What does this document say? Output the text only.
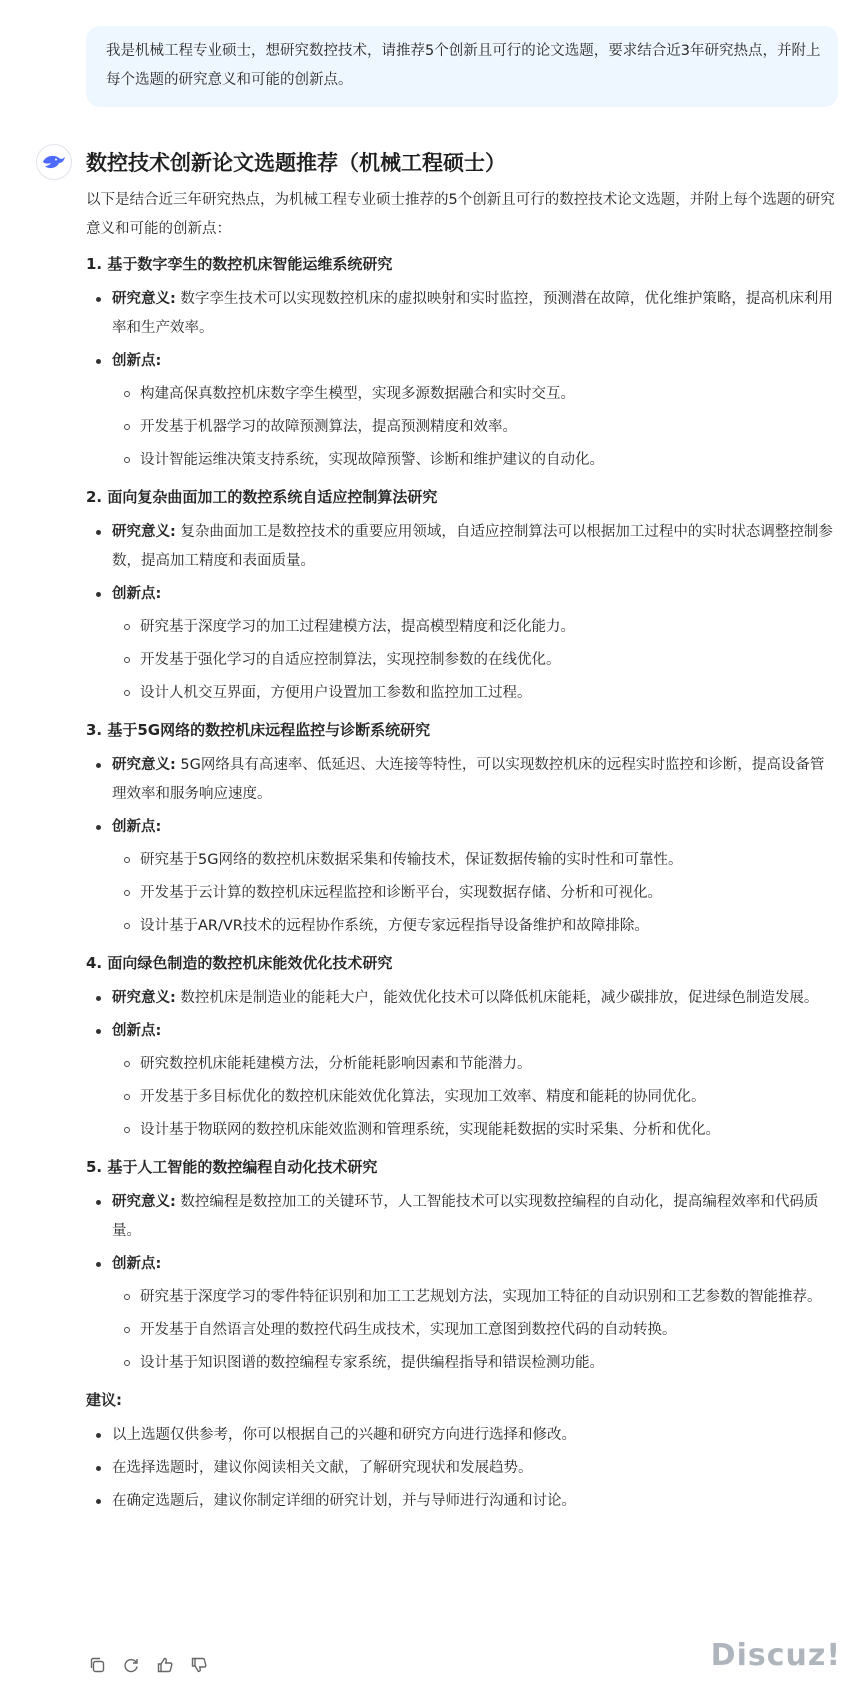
我是机械工程专业硕士，想研究数控技术，请推荐5个创新且可行的论文选题，要求结合近3年研究热点，并附上每个选题的研究意义和可能的创新点。
数控技术创新论文选题推荐（机械工程硕士）

以下是结合近三年研究热点，为机械工程专业硕士推荐的5个创新且可行的数控技术论文选题，并附上每个选题的研究意义和可能的创新点：

1. 基于数字孪生的数控机床智能运维系统研究
研究意义: 数字孪生技术可以实现数控机床的虚拟映射和实时监控，预测潜在故障，优化维护策略，提高机床利用率和生产效率。
创新点:
构建高保真数控机床数字孪生模型，实现多源数据融合和实时交互。
开发基于机器学习的故障预测算法，提高预测精度和效率。
设计智能运维决策支持系统，实现故障预警、诊断和维护建议的自动化。
2. 面向复杂曲面加工的数控系统自适应控制算法研究
研究意义: 复杂曲面加工是数控技术的重要应用领域，自适应控制算法可以根据加工过程中的实时状态调整控制参数，提高加工精度和表面质量。
创新点:
研究基于深度学习的加工过程建模方法，提高模型精度和泛化能力。
开发基于强化学习的自适应控制算法，实现控制参数的在线优化。
设计人机交互界面，方便用户设置加工参数和监控加工过程。
3. 基于5G网络的数控机床远程监控与诊断系统研究
研究意义: 5G网络具有高速率、低延迟、大连接等特性，可以实现数控机床的远程实时监控和诊断，提高设备管理效率和服务响应速度。
创新点:
研究基于5G网络的数控机床数据采集和传输技术，保证数据传输的实时性和可靠性。
开发基于云计算的数控机床远程监控和诊断平台，实现数据存储、分析和可视化。
设计基于AR/VR技术的远程协作系统，方便专家远程指导设备维护和故障排除。
4. 面向绿色制造的数控机床能效优化技术研究
研究意义: 数控机床是制造业的能耗大户，能效优化技术可以降低机床能耗，减少碳排放，促进绿色制造发展。
创新点:
研究数控机床能耗建模方法，分析能耗影响因素和节能潜力。
开发基于多目标优化的数控机床能效优化算法，实现加工效率、精度和能耗的协同优化。
设计基于物联网的数控机床能效监测和管理系统，实现能耗数据的实时采集、分析和优化。
5. 基于人工智能的数控编程自动化技术研究
研究意义: 数控编程是数控加工的关键环节，人工智能技术可以实现数控编程的自动化，提高编程效率和代码质量。
创新点:
研究基于深度学习的零件特征识别和加工工艺规划方法，实现加工特征的自动识别和工艺参数的智能推荐。
开发基于自然语言处理的数控代码生成技术，实现加工意图到数控代码的自动转换。
设计基于知识图谱的数控编程专家系统，提供编程指导和错误检测功能。
建议:
以上选题仅供参考，你可以根据自己的兴趣和研究方向进行选择和修改。
在选择选题时，建议你阅读相关文献，了解研究现状和发展趋势。
在确定选题后，建议你制定详细的研究计划，并与导师进行沟通和讨论。
Discuz!
